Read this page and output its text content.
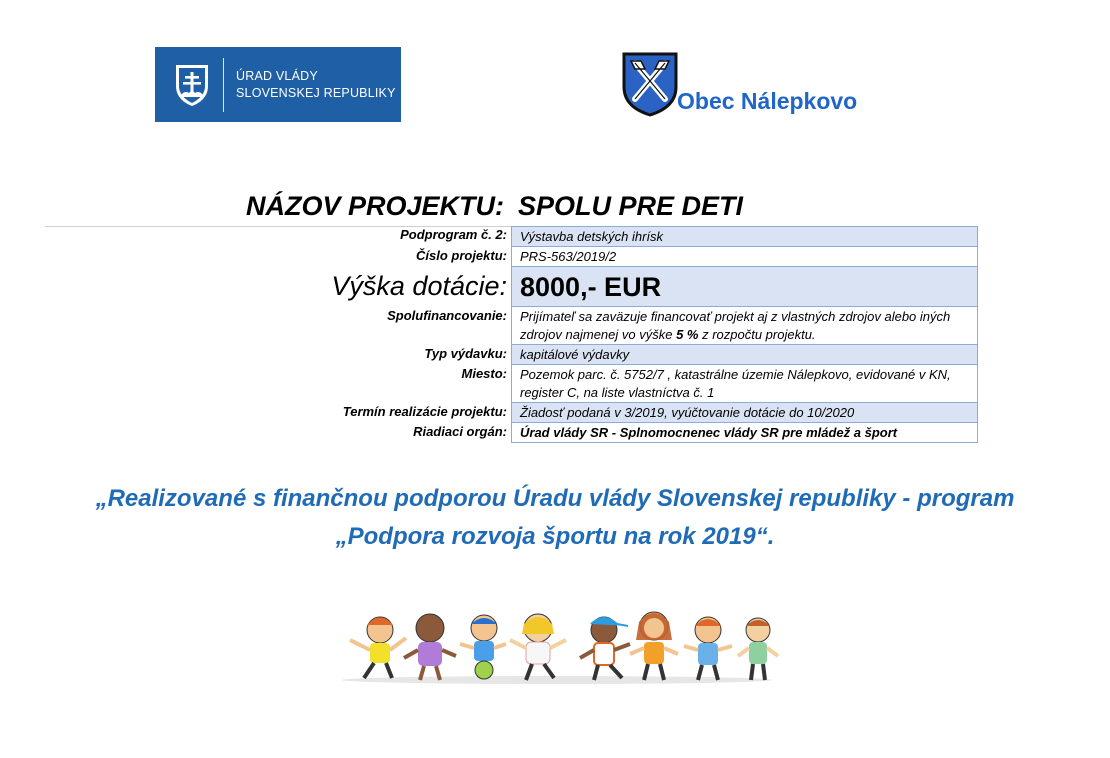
ÚRAD VLÁDY
SLOVENSKEJ REPUBLIKY	Obec Nálepkovo
NÁZOV PROJEKTU: SPOLU PRE DETI
Podprogram č. 2:	Výstavba detských ihrísk
Číslo projektu:	PRS-563/2019/2
Výška dotácie: 8000,- EUR
Spolufinancovanie:	Prijímateľ sa zaväzuje financovať projekt aj z vlastných zdrojov alebo iných zdrojov najmenej vo výške 5 % z rozpočtu projektu.
Typ výdavku:	kapitálové výdavky
Miesto:	Pozemok parc. č. 5752/7 , katastrálne územie Nálepkovo, evidované v KN, register C, na liste vlastníctva č. 1
Termín realizácie projektu:	Žiadosť podaná v 3/2019, vyúčtovanie dotácie do 10/2020
Riadiaci orgán:	Úrad vlády SR - Splnomocnenec vlády SR pre mládež a šport
„Realizované s finančnou podporou Úradu vlády Slovenskej republiky - program
„Podpora rozvoja športu na rok 2019“.
